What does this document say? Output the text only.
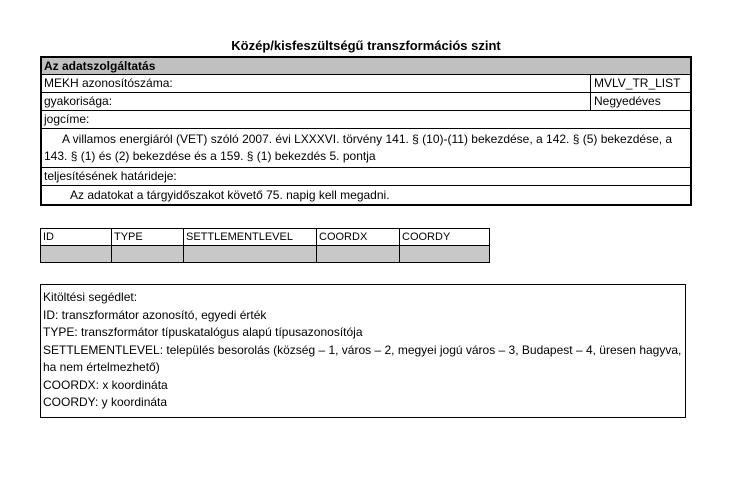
Közép/kisfeszültségű transzformációs szint
Az adatszolgáltatás
MEKH azonosítószáma:	MVLV_TR_LIST
gyakorisága:	Negyedéves
jogcíme:
A villamos energiáról (VET) szóló 2007. évi LXXXVI. törvény 141. § (10)-(11) bekezdése, a 142. § (5) bekezdése, a 143. § (1) és (2) bekezdése és a 159. § (1) bekezdés 5. pontja
teljesítésének határideje:
Az adatokat a tárgyidőszakot követő 75. napig kell megadni.
ID	TYPE	SETTLEMENTLEVEL	COORDX	COORDY

Kitöltési segédlet:
ID: transzformátor azonosító, egyedi érték
TYPE: transzformátor típuskatalógus alapú típusazonosítója
SETTLEMENTLEVEL: település besorolás (község – 1, város – 2, megyei jogú város – 3, Budapest – 4, üresen hagyva, ha nem értelmezhető)
COORDX: x koordináta
COORDY: y koordináta
